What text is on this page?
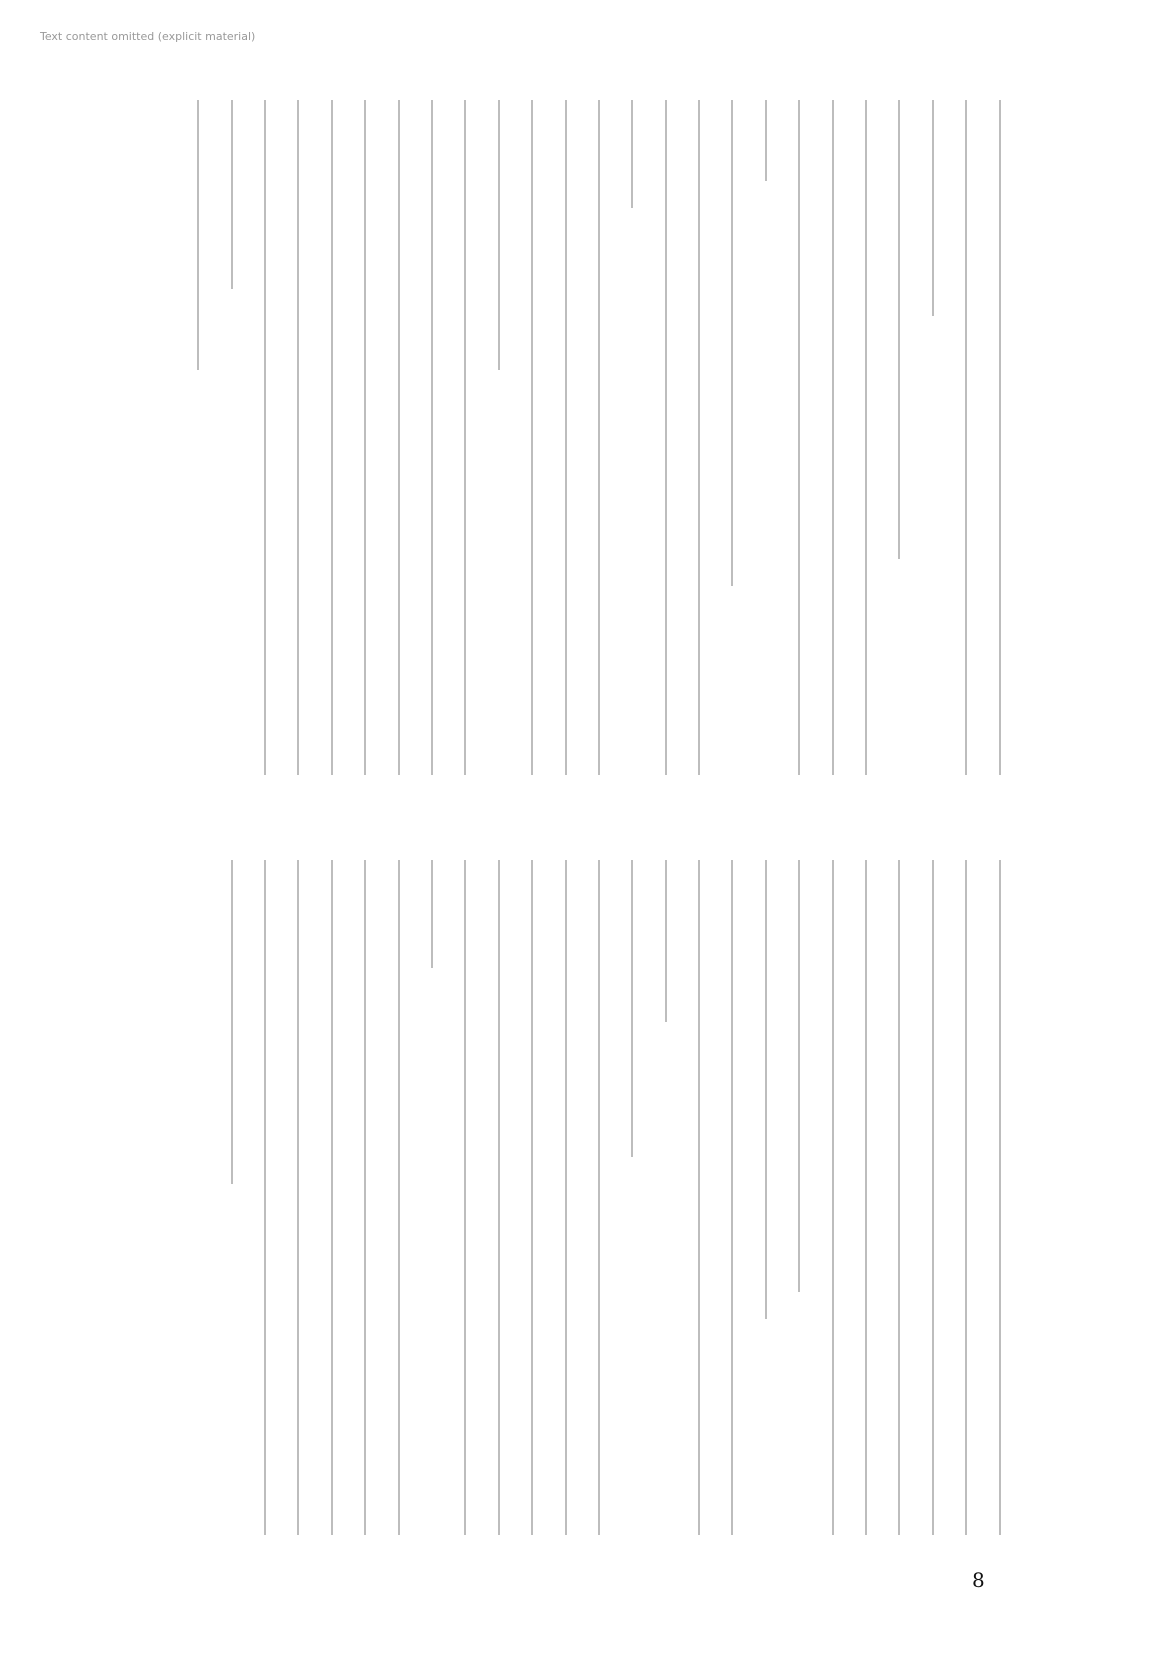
Text content omitted (explicit material)
8
